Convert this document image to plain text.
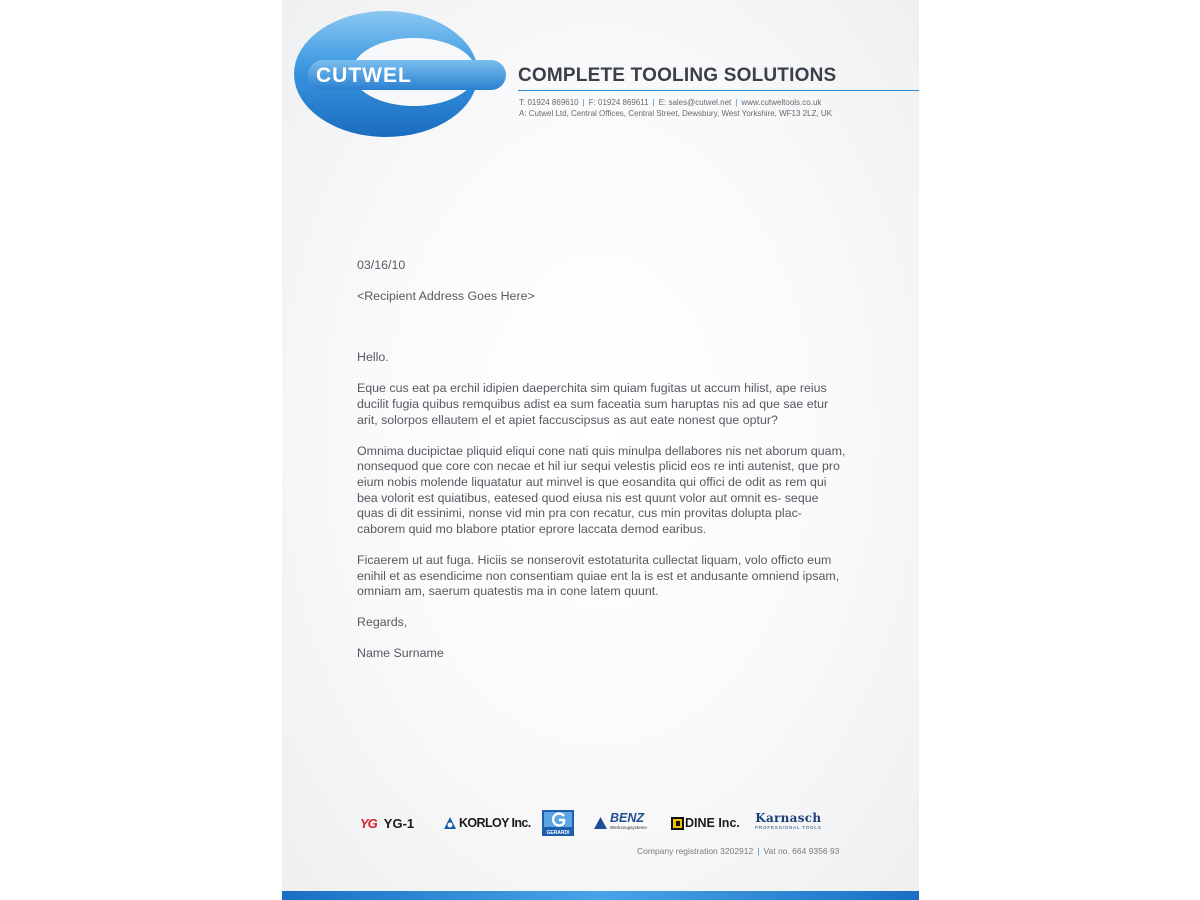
CUTWEL	COMPLETE TOOLING SOLUTIONS
T: 01924 869610 | F: 01924 869611 | E: sales@cutwel.net | www.cutweltools.co.uk
A: Cutwel Ltd, Central Offices, Central Street, Dewsbury, West Yorkshire, WF13 2LZ, UK
03/16/10
<Recipient Address Goes Here>
Hello.

Eque cus eat pa erchil idipien daeperchita sim quiam fugitas ut accum hilist, ape reius ducilit fugia quibus remquibus adist ea sum faceatia sum haruptas nis ad que sae etur arit, solorpos ellautem el et apiet faccuscipsus as aut eate nonest que optur?

Omnima ducipictae pliquid eliqui cone nati quis minulpa dellabores nis net aborum quam, nonsequod que core con necae et hil iur sequi velestis plicid eos re inti autenist, que pro eium nobis molende liquatatur aut minvel is que eosandita qui offici de odit as rem qui bea volorit est quiatibus, eatesed quod eiusa nis est quunt volor aut omnit es- seque quas di dit essinimi, nonse vid min pra con recatur, cus min provitas dolupta plac- caborem quid mo blabore ptatior eprore laccata demod earibus.

Ficaerem ut aut fuga. Hiciis se nonserovit estotaturita cullectat liquam, volo officto eum enihil et as esendicime non consentiam quiae ent la is est et andusante omniend ipsam, omniam am, saerum quatestis ma in cone latem quunt.

Regards,
Name Surname
YG YG-1	KORLOY Inc.
GERARDI
BENZ
Werkzeugsysteme	DINE Inc. Karnasch
PROFESSIONAL TOOLS
Company registration 3202912 | Vat no. 664 9356 93
